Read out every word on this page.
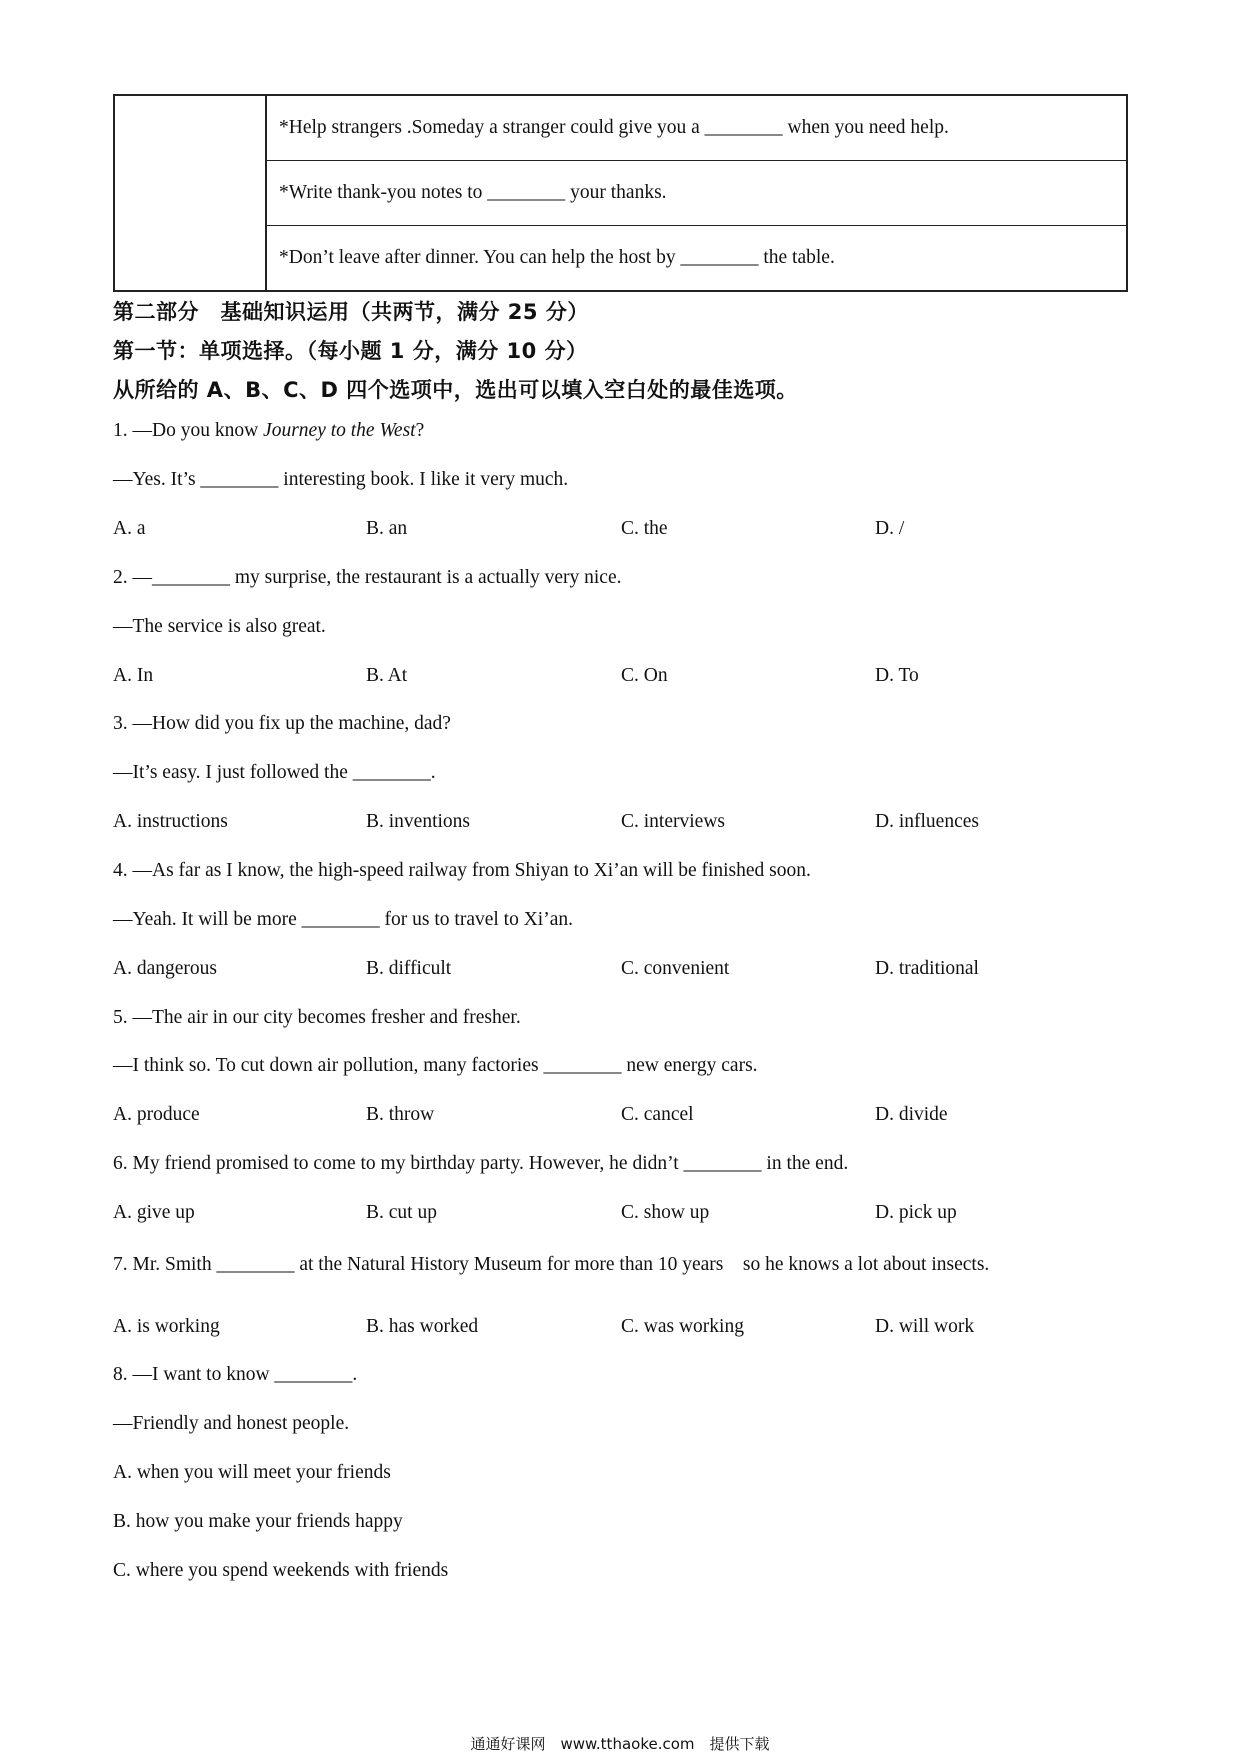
*Help strangers .Someday a stranger could give you a ________ when you need help.
*Write thank-you notes to ________ your thanks.
*Don’t leave after dinner. You can help the host by ________ the table.
第二部分　基础知识运用（共两节，满分 25 分）
第一节：单项选择。（每小题 1 分，满分 10 分）
从所给的 A、B、C、D 四个选项中，选出可以填入空白处的最佳选项。
1. —Do you know Journey to the West?
—Yes. It’s ________ interesting book. I like it very much.
A. a	B. an	C. the	D. /
2. —________ my surprise, the restaurant is a actually very nice.
—The service is also great.
A. In	B. At	C. On	D. To
3. —How did you fix up the machine, dad?
—It’s easy. I just followed the ________.
A. instructions	B. inventions	C. interviews	D. influences
4. —As far as I know, the high-speed railway from Shiyan to Xi’an will be finished soon.
—Yeah. It will be more ________ for us to travel to Xi’an.
A. dangerous	B. difficult	C. convenient	D. traditional
5. —The air in our city becomes fresher and fresher.
—I think so. To cut down air pollution, many factories ________ new energy cars.
A. produce	B. throw	C. cancel	D. divide
6. My friend promised to come to my birthday party. However, he didn’t ________ in the end.
A. give up	B. cut up	C. show up	D. pick up
7. Mr. Smith ________ at the Natural History Museum for more than 10 years　so he knows a lot about insects.
A. is working	B. has worked	C. was working	D. will work
8. —I want to know ________.
—Friendly and honest people.
A. when you will meet your friends
B. how you make your friends happy
C. where you spend weekends with friends
通通好课网　www.tthaoke.com　提供下载
